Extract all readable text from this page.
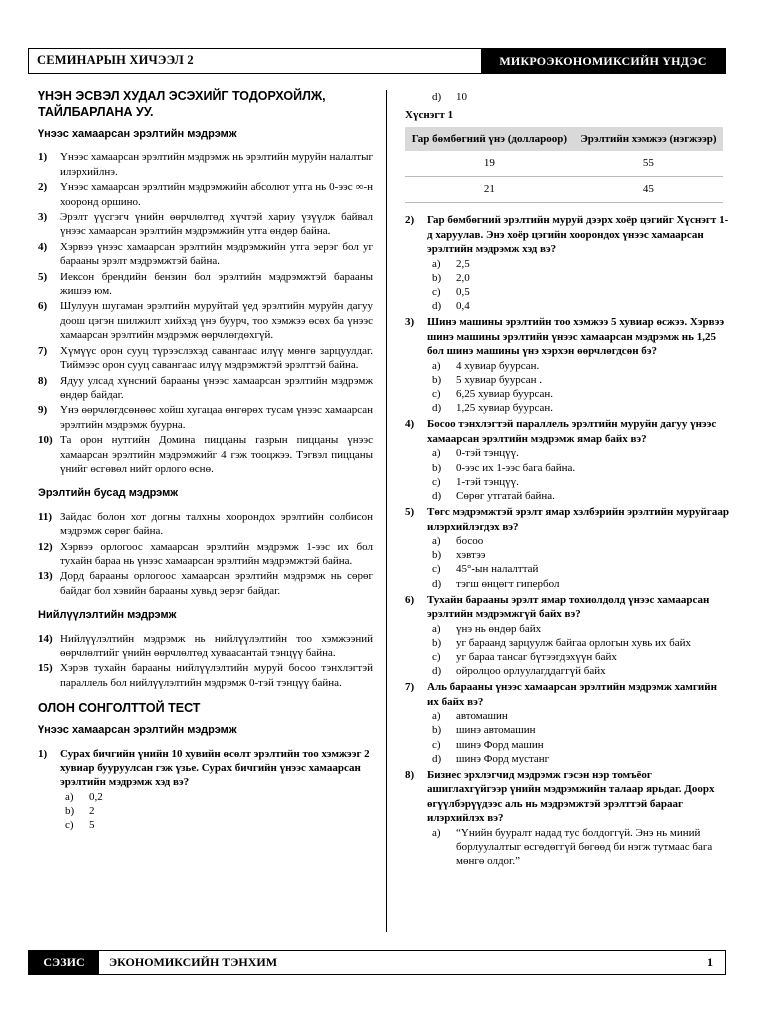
СЕМИНАРЫН ХИЧЭЭЛ 2	МИКРОЭКОНОМИКСИЙН ҮНДЭС
ҮНЭН ЭСВЭЛ ХУДАЛ ЭСЭХИЙГ ТОДОРХОЙЛЖ, ТАЙЛБАРЛАНА УУ.
Үнээс хамаарсан эрэлтийн мэдрэмж
1)	Үнээс хамаарсан эрэлтийн мэдрэмж нь эрэлтийн муруйн налалтыг илэрхийлнэ.
2)	Үнээс хамаарсан эрэлтийн мэдрэмжийн абсолют утга нь 0-ээс ∞-н хооронд оршино.
3)	Эрэлт үүсгэгч үнийн өөрчлөлтөд хүчтэй хариу үзүүлж байвал үнээс хамаарсан эрэлтийн мэдрэмжийн утга өндөр байна.
4)	Хэрвээ үнээс хамаарсан эрэлтийн мэдрэмжийн утга эерэг бол уг барааны эрэлт мэдрэмжтэй байна.
5)	Иексон брендийн бензин бол эрэлтийн мэдрэмжтэй барааны жишээ юм.
6)	Шулуун шугаман эрэлтийн муруйтай үед эрэлтийн муруйн дагуу доош цэгэн шилжилт хийхэд үнэ буурч, тоо хэмжээ өсөх ба үнээс хамаарсан эрэлтийн мэдрэмж өөрчлөгдөхгүй.
7)	Хүмүүс орон сууц түрээслэхэд савангаас илүү мөнгө зарцуулдаг. Тиймээс орон сууц савангаас илүү мэдрэмжтэй эрэлттэй байна.
8)	Ядуу улсад хүнсний барааны үнээс хамаарсан эрэлтийн мэдрэмж өндөр байдаг.
9)	Үнэ өөрчлөгдсөнөөс хойш хугацаа өнгөрөх тусам үнээс хамаарсан эрэлтийн мэдрэмж буурна.
10) Та орон нутгийн Домина пиццаны газрын пиццаны үнээс хамаарсан эрэлтийн мэдрэмжийг 4 гэж тооцжээ. Тэгвэл пиццаны үнийг өсгөвөл нийт орлого өснө.
Эрэлтийн бусад мэдрэмж
11) Зайдас болон хот догны талхны хоорондох эрэлтийн солбисон мэдрэмж сөрөг байна.
12) Хэрвээ орлогоос хамаарсан эрэлтийн мэдрэмж 1-ээс их бол тухайн бараа нь үнээс хамаарсан эрэлтийн мэдрэмжтэй байна.
13) Дорд барааны орлогоос хамаарсан эрэлтийн мэдрэмж нь сөрөг байдаг бол хэвийн барааны хувьд эерэг байдаг.
Нийлүүлэлтийн мэдрэмж
14) Нийлүүлэлтийн мэдрэмж нь нийлүүлэлтийн тоо хэмжээний өөрчлөлтийг үнийн өөрчлөлтөд хуваасантай тэнцүү байна.
15) Хэрэв тухайн барааны нийлүүлэлтийн муруй босоо тэнхлэгтэй параллель бол нийлүүлэлтийн мэдрэмж 0-тэй тэнцүү байна.
ОЛОН СОНГОЛТТОЙ ТЕСТ
Үнээс хамаарсан эрэлтийн мэдрэмж
1)	Сурах бичгийн үнийн 10 хувийн өсөлт эрэлтийн тоо хэмжээг 2 хувиар бууруулсан гэж үзье. Сурах бичгийн үнээс хамаарсан эрэлтийн мэдрэмж хэд вэ?
a)	0,2
b)	2
c)	5
d)	10
Хүснэгт 1
Гар бөмбөгний үнэ (доллароор)	Эрэлтийн хэмжээ (нэгжээр)
19	55
21	45
2)	Гар бөмбөгний эрэлтийн муруй дээрх хоёр цэгийг Хүснэгт 1-д харуулав. Энэ хоёр цэгийн хоорондох үнээс хамаарсан эрэлтийн мэдрэмж хэд вэ?
a)	2,5
b)	2,0
c)	0,5
d)	0,4
3)	Шинэ машины эрэлтийн тоо хэмжээ 5 хувиар өсжээ. Хэрвээ шинэ машины эрэлтийн үнээс хамаарсан мэдрэмж нь 1,25 бол шинэ машины үнэ хэрхэн өөрчлөгдсөн бэ?
a)	4 хувиар буурсан.
b)	5 хувиар буурсан .
c)	6,25 хувиар буурсан.
d)	1,25 хувиар буурсан.
4)	Босоо тэнхлэгтэй параллель эрэлтийн муруйн дагуу үнээс хамаарсан эрэлтийн мэдрэмж ямар байх вэ?
a)	0-тэй тэнцүү.
b)	0-ээс их 1-ээс бага байна.
c)	1-тэй тэнцүү.
d)	Сөрөг утгатай байна.
5)	Төгс мэдрэмжтэй эрэлт ямар хэлбэрийн эрэлтийн муруйгаар илэрхийлэгдэх вэ?
a)	босоо
b)	хэвтээ
c)	45°-ын налалттай
d)	тэгш өнцөгт гипербол
6)	Тухайн барааны эрэлт ямар тохиолдолд үнээс хамаарсан эрэлтийн мэдрэмжгүй байх вэ?
a)	үнэ нь өндөр байх
b)	уг бараанд зарцуулж байгаа орлогын хувь их байх
c)	уг бараа тансаг бүтээгдэхүүн байх
d)	ойролцоо орлуулагддаггүй байх
7)	Аль барааны үнээс хамаарсан эрэлтийн мэдрэмж хамгийн их байх вэ?
a)	автомашин
b)	шинэ автомашин
c)	шинэ Форд машин
d)	шинэ Форд мустанг
8)	Бизнес эрхлэгчид мэдрэмж гэсэн нэр томъёог ашиглахгүйгээр үнийн мэдрэмжийн талаар ярьдаг. Доорх өгүүлбэрүүдээс аль нь мэдрэмжтэй эрэлттэй барааг илэрхийлэх вэ?
a)	“Үнийн бууралт надад тус болдоггүй. Энэ нь миний борлуулалтыг өсгөдөггүй бөгөөд би нэгж тутмаас бага мөнгө олдог.”
СЭЗИС	ЭКОНОМИКСИЙН ТЭНХИМ	1
